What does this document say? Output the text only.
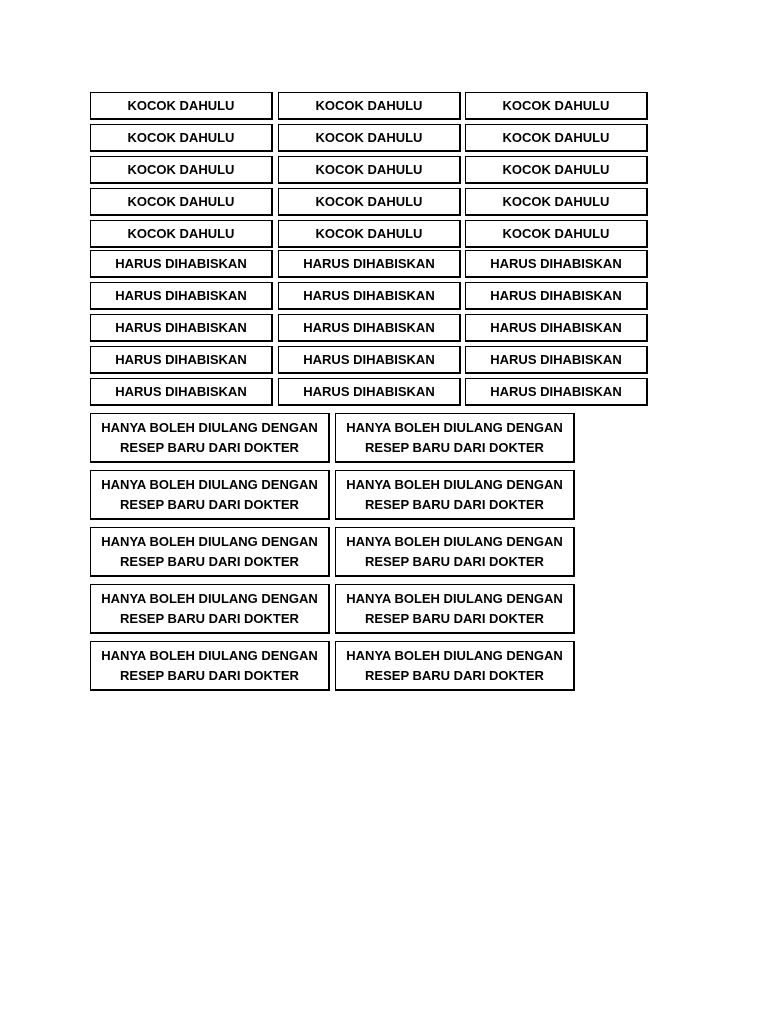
KOCOK DAHULU	KOCOK DAHULU	KOCOK DAHULU
KOCOK DAHULU	KOCOK DAHULU	KOCOK DAHULU
KOCOK DAHULU	KOCOK DAHULU	KOCOK DAHULU
KOCOK DAHULU	KOCOK DAHULU	KOCOK DAHULU
KOCOK DAHULU	KOCOK DAHULU	KOCOK DAHULU
HARUS DIHABISKAN	HARUS DIHABISKAN	HARUS DIHABISKAN
HARUS DIHABISKAN	HARUS DIHABISKAN	HARUS DIHABISKAN
HARUS DIHABISKAN	HARUS DIHABISKAN	HARUS DIHABISKAN
HARUS DIHABISKAN	HARUS DIHABISKAN	HARUS DIHABISKAN
HARUS DIHABISKAN	HARUS DIHABISKAN	HARUS DIHABISKAN
HANYA BOLEH DIULANG DENGAN
RESEP BARU DARI DOKTER
HANYA BOLEH DIULANG DENGAN
RESEP BARU DARI DOKTER
HANYA BOLEH DIULANG DENGAN
RESEP BARU DARI DOKTER
HANYA BOLEH DIULANG DENGAN
RESEP BARU DARI DOKTER
HANYA BOLEH DIULANG DENGAN
RESEP BARU DARI DOKTER
HANYA BOLEH DIULANG DENGAN
RESEP BARU DARI DOKTER
HANYA BOLEH DIULANG DENGAN
RESEP BARU DARI DOKTER
HANYA BOLEH DIULANG DENGAN
RESEP BARU DARI DOKTER
HANYA BOLEH DIULANG DENGAN
RESEP BARU DARI DOKTER
HANYA BOLEH DIULANG DENGAN
RESEP BARU DARI DOKTER
